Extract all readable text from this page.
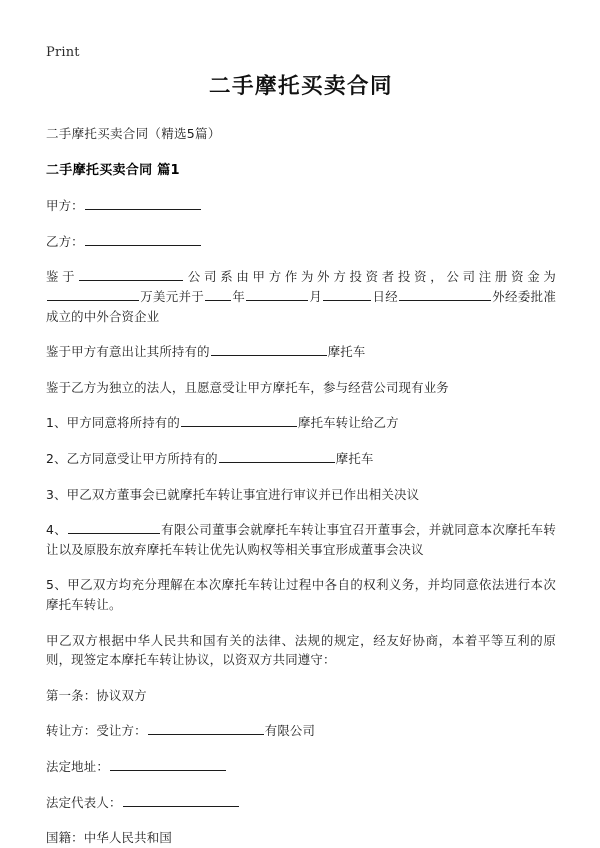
Print
二手摩托买卖合同

二手摩托买卖合同（精选5篇）

二手摩托买卖合同 篇1

甲方：

乙方：

鉴于	公司系由甲方作为外方投资者投资，公司注册资金为万美元并于 年	月	日经	外经委批准成立的中外合资企业

鉴于甲方有意出让其所持有的	摩托车

鉴于乙方为独立的法人，且愿意受让甲方摩托车，参与经营公司现有业务

1、甲方同意将所持有的	摩托车转让给乙方

2、乙方同意受让甲方所持有的	摩托车

3、甲乙双方董事会已就摩托车转让事宜进行审议并已作出相关决议

4、	有限公司董事会就摩托车转让事宜召开董事会，并就同意本次摩托车转让以及原股东放弃摩托车转让优先认购权等相关事宜形成董事会决议

5、甲乙双方均充分理解在本次摩托车转让过程中各自的权利义务，并均同意依法进行本次摩托车转让。

甲乙双方根据中华人民共和国有关的法律、法规的规定，经友好协商，本着平等互利的原则，现签定本摩托车转让协议，以资双方共同遵守：

第一条：协议双方

转让方：受让方：	有限公司

法定地址：

法定代表人：

国籍：中华人民共和国
